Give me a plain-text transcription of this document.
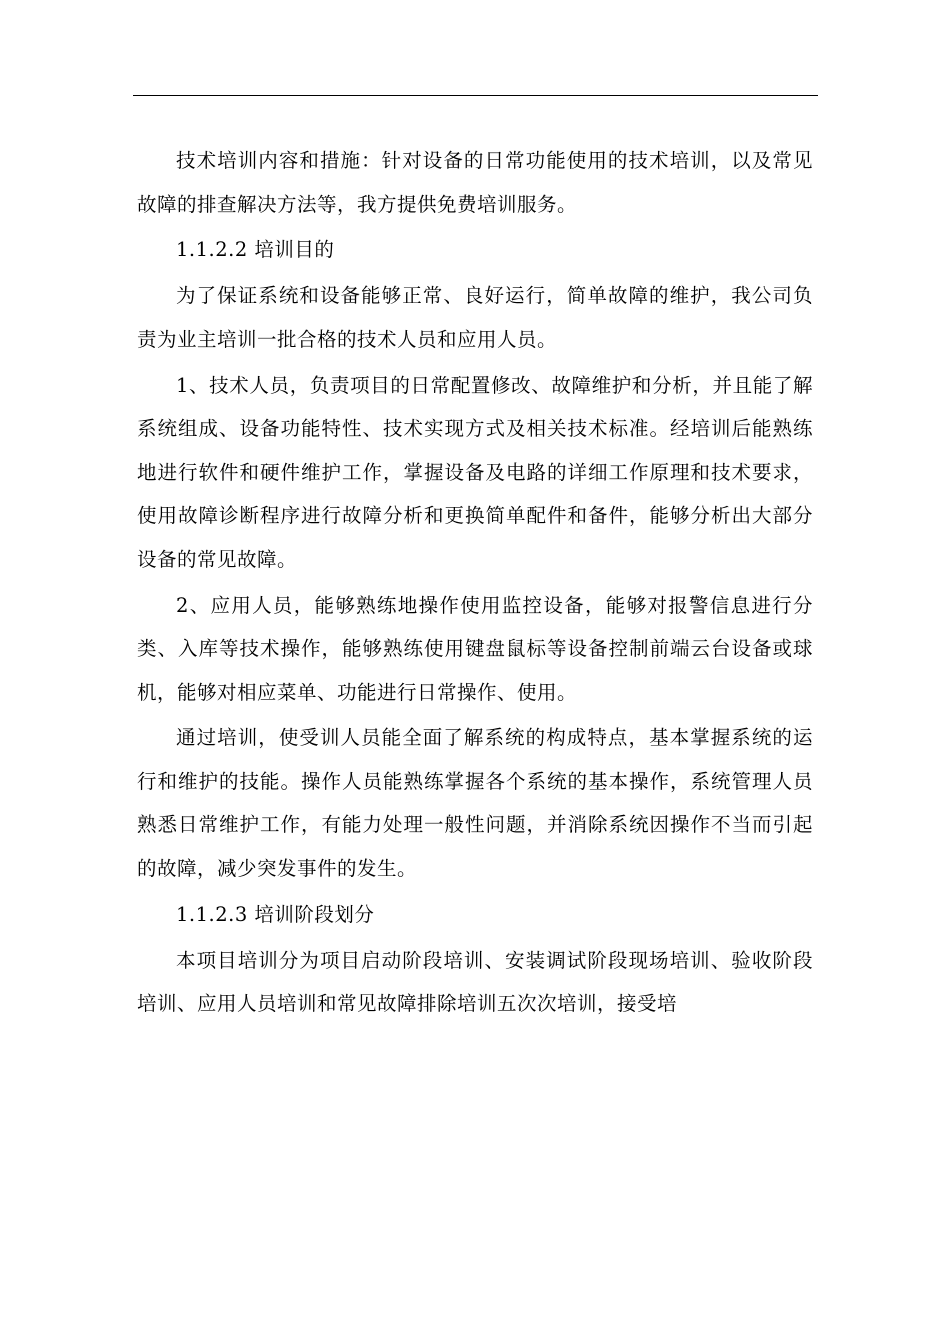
技术培训内容和措施：针对设备的日常功能使用的技术培训，以及常见故障的排查解决方法等，我方提供免费培训服务。

1.1.2.2 培训目的

为了保证系统和设备能够正常、良好运行，简单故障的维护，我公司负责为业主培训一批合格的技术人员和应用人员。

1、技术人员，负责项目的日常配置修改、故障维护和分析，并且能了解系统组成、设备功能特性、技术实现方式及相关技术标准。经培训后能熟练地进行软件和硬件维护工作，掌握设备及电路的详细工作原理和技术要求，使用故障诊断程序进行故障分析和更换简单配件和备件，能够分析出大部分设备的常见故障。

2、应用人员，能够熟练地操作使用监控设备，能够对报警信息进行分类、入库等技术操作，能够熟练使用键盘鼠标等设备控制前端云台设备或球机，能够对相应菜单、功能进行日常操作、使用。

通过培训，使受训人员能全面了解系统的构成特点，基本掌握系统的运行和维护的技能。操作人员能熟练掌握各个系统的基本操作，系统管理人员熟悉日常维护工作，有能力处理一般性问题，并消除系统因操作不当而引起的故障，减少突发事件的发生。

1.1.2.3 培训阶段划分

本项目培训分为项目启动阶段培训、安装调试阶段现场培训、验收阶段培训、应用人员培训和常见故障排除培训五次次培训，接受培
